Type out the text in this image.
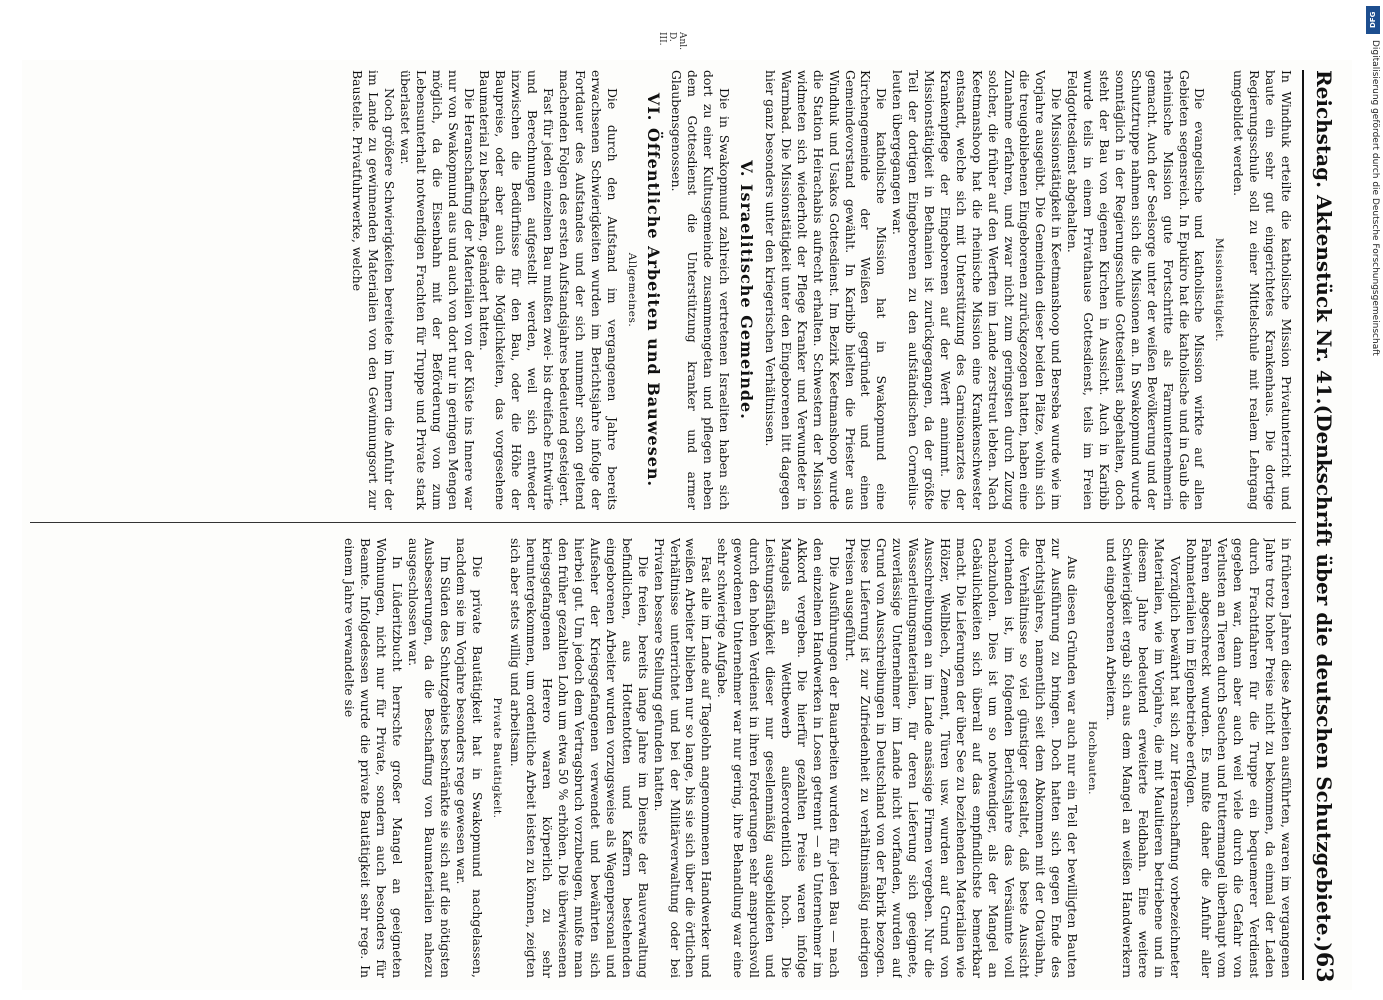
Reichstag. Aktenstück Nr. 41.
(Denkschrift über die deutschen Schutzgebiete.)
63

In Windhuk erteilte die katholische Mission Privatunterricht und baute ein sehr gut eingerichtetes Krankenhaus. Die dortige Regierungsschule soll zu einer Mittelschule mit realem Lehrgang umgebildet werden.

Missionstätigkeit.

Die evangelische und katholische Mission wirkte auf allen Gebieten segensreich. In Epukiro hat die katholische und in Gaub die rheinische Mission gute Fortschritte als Farmunternehmerin gemacht. Auch der Seelsorge unter der weißen Bevölkerung und der Schutztruppe nahmen sich die Missionen an. In Swakopmund wurde sonntäglich in der Regierungsschule Gottesdienst abgehalten, doch steht der Bau von eigenen Kirchen in Aussicht. Auch in Karibib wurde teils in einem Privathause Gottesdienst, teils im Freien Feldgottesdienst abgehalten.

Die Missionstätigkeit in Keetmanshoop und Berseba wurde wie im Vorjahre ausgeübt. Die Gemeinden dieser beiden Plätze, wohin sich die treugebliebenen Eingeborenen zurückgezogen hatten, haben eine Zunahme erfahren, und zwar nicht zum geringsten durch Zuzug solcher, die früher auf den Werften im Lande zerstreut lebten. Nach Keetmanshoop hat die rheinische Mission eine Krankenschwester entsandt, welche sich mit Unterstützung des Garnisonarztes der Krankenpflege der Eingeborenen auf der Werft annimmt. Die Missionstätigkeit in Bethanien ist zurückgegangen, da der größte Teil der dortigen Eingeborenen zu den aufständischen Cornelius-leuten übergegangen war.

Die katholische Mission hat in Swakopmund eine Kirchengemeinde der Weißen gegründet und einen Gemeindevorstand gewählt. In Karibib hielten die Priester aus Windhuk und Usakos Gottesdienst. Im Bezirk Keetmanshoop wurde die Station Heirachabis aufrecht erhalten. Schwestern der Mission widmeten sich wiederholt der Pflege Kranker und Verwundeter in Warmbad. Die Missionstätigkeit unter den Eingeborenen litt dagegen hier ganz besonders unter den kriegerischen Verhältnissen.

V. Israelitische Gemeinde.

Die in Swakopmund zahlreich vertretenen Israeliten haben sich dort zu einer Kultusgemeinde zusammengetan und pflegen neben dem Gottesdienst die Unterstützung kranker und armer Glaubensgenossen.

VI. Öffentliche Arbeiten und Bauwesen.
Allgemeines.

Die durch den Aufstand im vergangenen Jahre bereits erwachsenen Schwierigkeiten wurden im Berichtsjahre infolge der Fortdauer des Aufstandes und der sich nunmehr schon geltend machenden Folgen des ersten Aufstandsjahres bedeutend gesteigert.

Fast für jeden einzelnen Bau mußten zwei- bis dreifache Entwürfe und Berechnungen aufgestellt werden, weil sich entweder inzwischen die Bedürfnisse für den Bau, oder die Höhe der Baupreise, oder aber auch die Möglichkeiten, das vorgesehene Baumaterial zu beschaffen, geändert hatten.

Die Heranschaffung der Materialien von der Küste ins Innere war nur von Swakopmund aus und auch von dort nur in geringen Mengen möglich, da die Eisenbahn mit der Beförderung von zum Lebensunterhalt notwendigen Frachten für Truppe und Private stark überlastet war.

Noch größere Schwierigkeiten bereitete im Innern die Anfuhr der im Lande zu gewinnenden Materialien von den Gewinnungsort zur Baustelle. Privatfuhrwerke, welche

Anl. D. III.

in früheren Jahren diese Arbeiten ausführten, waren im vergangenen Jahre trotz hoher Preise nicht zu bekommen, da einmal der Laden durch Frachtfahren für die Truppe ein bequemerer Verdienst gegeben war, dann aber auch weil viele durch die Gefahr von Verlusten an Tieren durch Seuchen und Futtermangel überhaupt vom Fahren abgeschreckt wurden. Es mußte daher die Anfuhr aller Rohmaterialien im Eigenbetriebe erfolgen.

Vorzüglich bewährt hat sich zur Heranschaffung vorbezeichneter Materialien, wie im Vorjahre, die mit Maultieren betriebene und in diesem Jahre bedeutend erweiterte Feldbahn. Eine weitere Schwierigkeit ergab sich aus dem Mangel an weißen Handwerkern und eingeborenen Arbeitern.

Hochbauten.

Aus diesen Gründen war auch nur ein Teil der bewilligten Bauten zur Ausführung zu bringen. Doch hatten sich gegen Ende des Berichtsjahres, namentlich seit dem Abkommen mit der Otavibahn, die Verhältnisse so viel günstiger gestaltet, daß beste Aussicht vorhanden ist, im folgenden Berichtsjahre das Versäumte voll nachzuholen. Dies ist um so notwendiger, als der Mangel an Gebäulichkeiten sich überall auf das empfindlichste bemerkbar macht. Die Lieferungen der über See zu beziehenden Materialien wie Hölzer, Wellblech, Zement, Türen usw. wurden auf Grund von Ausschreibungen an im Lande ansässige Firmen vergeben. Nur die Wasserleitungsmaterialien, für deren Lieferung sich geeignete, zuverlässige Unternehmer im Lande nicht vorfanden, wurden auf Grund von Ausschreibungen in Deutschland von der Fabrik bezogen. Diese Lieferung ist zur Zufriedenheit zu verhältnismäßig niedrigen Preisen ausgeführt.

Die Ausführungen der Bauarbeiten wurden für jeden Bau — nach den einzelnen Handwerken in Losen getrennt — an Unternehmer im Akkord vergeben. Die hierfür gezahlten Preise waren infolge Mangels an Wettbewerb außerordentlich hoch. Die Leistungsfähigkeit dieser nur gesellenmäßig ausgebildeten und durch den hohen Verdienst in ihren Forderungen sehr anspruchsvoll gewordenen Unternehmer war nur gering, ihre Behandlung war eine sehr schwierige Aufgabe.

Fast alle im Lande auf Tagelohn angenommenen Handwerker und weißen Arbeiter blieben nur so lange, bis sie sich über die örtlichen Verhältnisse unterrichtet und bei der Militärverwaltung oder bei Privaten bessere Stellung gefunden hatten.

Die freien, bereits lange Jahre im Dienste der Bauverwaltung befindlichen, aus Hottentotten und Kaffern bestehenden eingeborenen Arbeiter wurden vorzugsweise als Wagenpersonal und Aufseher der Kriegsgefangenen verwendet und bewährten sich hierbei gut. Um jedoch dem Vertragsbruch vorzubeugen, mußte man den früher gezahlten Lohn um etwa 50 % erhöhen. Die überwiesenen kriegsgefangenen Herero waren körperlich zu sehr heruntergekommen, um ordentliche Arbeit leisten zu können, zeigten sich aber stets willig und arbeitsam.

Private Bautätigkeit.

Die private Bautätigkeit hat in Swakopmund nachgelassen, nachdem sie im Vorjahre besonders rege gewesen war.

Im Süden des Schutzgebiets beschränkte sie sich auf die nötigsten Ausbesserungen, da die Beschaffung von Baumaterialien nahezu ausgeschlossen war.

In Lüderitzbucht herrschte großer Mangel an geeigneten Wohnungen, nicht nur für Private, sondern auch besonders für Beamte. Infolgedessen wurde die private Bautätigkeit sehr rege. In einem Jahre verwandelte sie

DFG
Digitalisierung gefördert durch die Deutsche Forschungsgemeinschaft
